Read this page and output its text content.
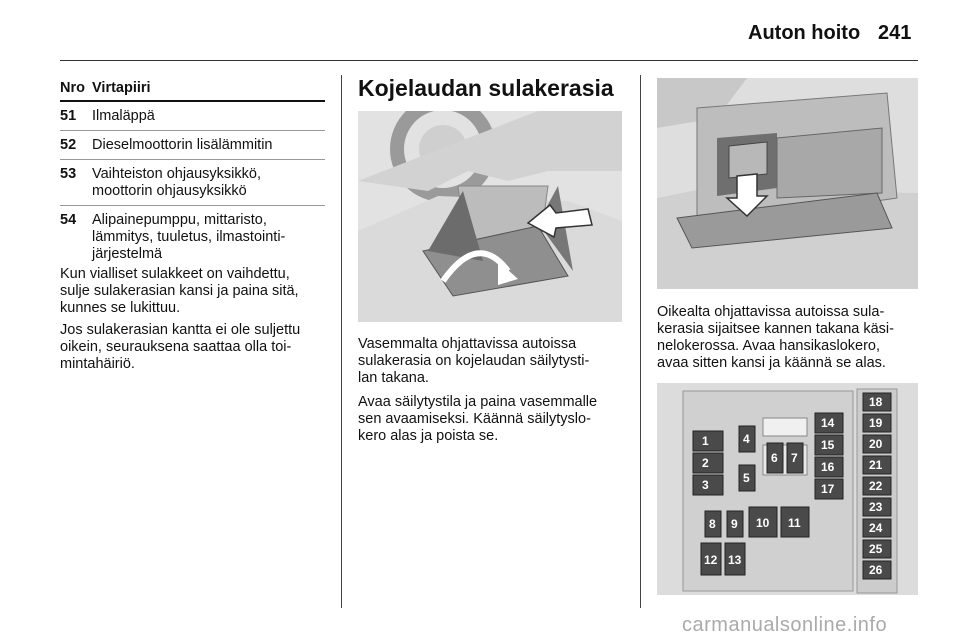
Auton hoito 241
Nro Virtapiiri
51	Ilmaläppä
52	Dieselmoottorin lisälämmitin
53	Vaihteiston ohjausyksikkö,
moottorin ohjausyksikkö
54	Alipainepumppu, mittaristo,
lämmitys, tuuletus, ilmastointi-
järjestelmä

Kun vialliset sulakkeet on vaihdettu,
sulje sulakerasian kansi ja paina sitä,
kunnes se lukittuu.

Jos sulakerasian kantta ei ole suljettu
oikein, seurauksena saattaa olla toi-
mintahäiriö.

Kojelaudan sulakerasia

Vasemmalta ohjattavissa autoissa
sulakerasia on kojelaudan säilytysti-
lan takana.

Avaa säilytystila ja paina vasemmalle
sen avaamiseksi. Käännä säilytyslo-
kero alas ja poista se.

Oikealta ohjattavissa autoissa sula-
kerasia sijaitsee kannen takana käsi-
nelokerossa. Avaa hansikaslokero,
avaa sitten kansi ja käännä se alas.

1
2
3
4
5
6 7
14
15
16
17
18
19
20
21
22
23
24
25
26
8 9 10 11
12 13
carmanualsonline.info
